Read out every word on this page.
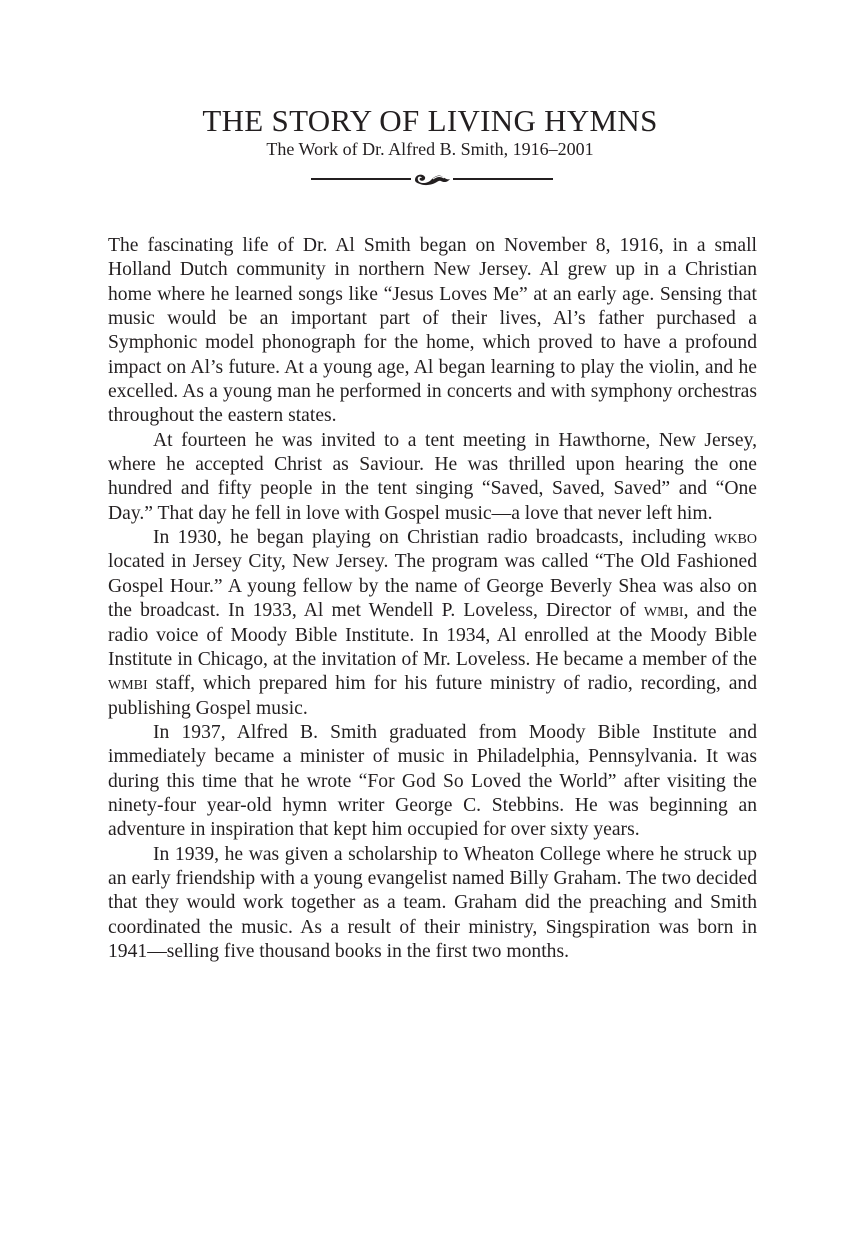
THE STORY OF LIVING HYMNS

The Work of Dr. Alfred B. Smith, 1916–2001

The fascinating life of Dr. Al Smith began on November 8, 1916, in a small Holland Dutch community in northern New Jersey. Al grew up in a Christian home where he learned songs like “Jesus Loves Me” at an early age. Sensing that music would be an important part of their lives, Al’s father purchased a Symphonic model phonograph for the home, which proved to have a profound impact on Al’s future. At a young age, Al began learning to play the violin, and he excelled. As a young man he performed in concerts and with symphony orchestras throughout the eastern states.

At fourteen he was invited to a tent meeting in Hawthorne, New Jersey, where he accepted Christ as Saviour. He was thrilled upon hearing the one hundred and fifty people in the tent singing “Saved, Saved, Saved” and “One Day.” That day he fell in love with Gospel music—a love that never left him.

In 1930, he began playing on Christian radio broadcasts, including wkbo located in Jersey City, New Jersey. The program was called “The Old Fashioned Gospel Hour.” A young fellow by the name of George Beverly Shea was also on the broadcast. In 1933, Al met Wendell P. Loveless, Director of wmbi, and the radio voice of Moody Bible Institute. In 1934, Al enrolled at the Moody Bible Institute in Chicago, at the invitation of Mr. Loveless. He became a member of the wmbi staff, which prepared him for his future ministry of radio, recording, and publishing Gospel music.

In 1937, Alfred B. Smith graduated from Moody Bible Institute and immediately became a minister of music in Philadelphia, Pennsylvania. It was during this time that he wrote “For God So Loved the World” after visiting the ninety-four year-old hymn writer George C. Stebbins. He was beginning an adventure in inspiration that kept him occupied for over sixty years.

In 1939, he was given a scholarship to Wheaton College where he struck up an early friendship with a young evangelist named Billy Graham. The two decided that they would work together as a team. Graham did the preaching and Smith coordinated the music. As a result of their ministry, Singspiration was born in 1941—selling five thousand books in the first two months.
